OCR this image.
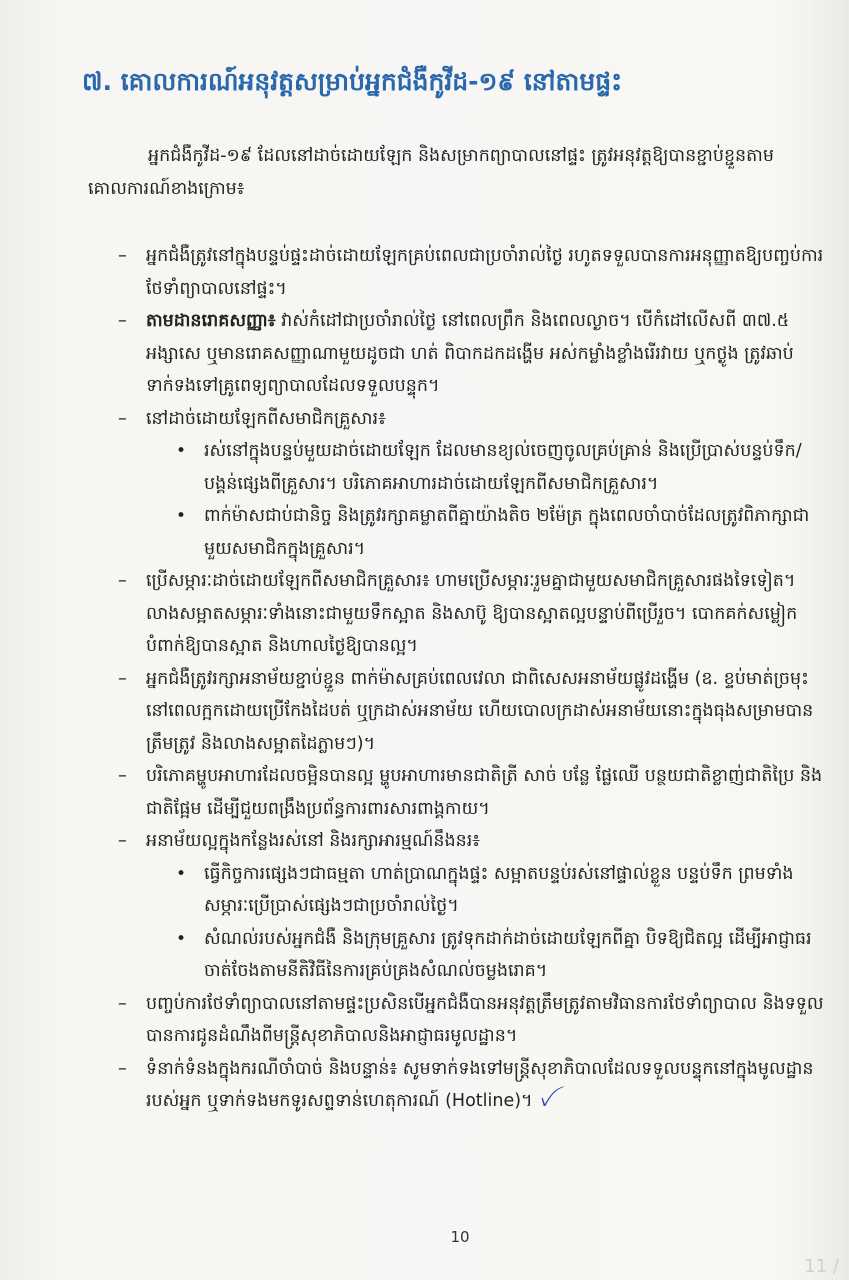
៧. គោលការណ៍អនុវត្តសម្រាប់អ្នកជំងឺកូវីដ-១៩ នៅតាមផ្ទះ
អ្នកជំងឺកូវីដ-១៩ ដែលនៅដាច់ដោយឡែក និងសម្រាកព្យាបាលនៅផ្ទះ ត្រូវអនុវត្តឱ្យបានខ្ជាប់ខ្ជួនតាមគោលការណ៍ខាងក្រោម៖
– អ្នកជំងឺត្រូវនៅក្នុងបន្ទប់ផ្ទះដាច់ដោយឡែកគ្រប់ពេលជាប្រចាំរាល់ថ្ងៃ រហូតទទួលបានការអនុញ្ញាតឱ្យបញ្ចប់ការថែទាំព្យាបាលនៅផ្ទះ។
– តាមដានរោគសញ្ញា៖ វាស់កំដៅជាប្រចាំរាល់ថ្ងៃ នៅពេលព្រឹក និងពេលល្ងាច។ បើកំដៅលើសពី ៣៧.៥ អង្សាសេ ឬមានរោគសញ្ញាណាមួយដូចជា ហត់ ពិបាកដកដង្ហើម អស់កម្លាំងខ្លាំងរើរវាយ ឬកថ្ងូង ត្រូវឆាប់ទាក់ទងទៅគ្រូពេទ្យព្យាបាលដែលទទួលបន្ទុក។
– នៅដាច់ដោយឡែកពីសមាជិកគ្រួសារ៖
• រស់នៅក្នុងបន្ទប់មួយដាច់ដោយឡែក ដែលមានខ្យល់ចេញចូលគ្រប់គ្រាន់ និងប្រើប្រាស់បន្ទប់ទឹក/បង្គន់ផ្សេងពីគ្រួសារ។ បរិភោគអាហារដាច់ដោយឡែកពីសមាជិកគ្រួសារ។
• ពាក់ម៉ាសជាប់ជានិច្ច និងត្រូវរក្សាគម្លាតពីគ្នាយ៉ាងតិច ២ម៉ែត្រ ក្នុងពេលចាំបាច់ដែលត្រូវពិភាក្សាជាមួយសមាជិកក្នុងគ្រួសារ។
– ប្រើសម្ភារៈដាច់ដោយឡែកពីសមាជិកគ្រួសារ៖ ហាមប្រើសម្ភារៈរួមគ្នាជាមួយសមាជិកគ្រួសារផងទៃទៀត។ លាងសម្អាតសម្ភារៈទាំងនោះជាមួយទឹកស្អាត និងសាប៊ូ ឱ្យបានស្អាតល្អបន្ទាប់ពីប្រើរួច។ បោកគក់សម្លៀកបំពាក់ឱ្យបានស្អាត និងហាលថ្ងៃឱ្យបានល្អ។
– អ្នកជំងឺត្រូវរក្សាអនាម័យខ្ជាប់ខ្ជួន ពាក់ម៉ាសគ្រប់ពេលវេលា ជាពិសេសអនាម័យផ្លូវដង្ហើម (ឧ. ខ្ទប់មាត់ច្រមុះនៅពេលក្អកដោយប្រើកែងដៃបត់ ឬក្រដាស់អនាម័យ ហើយបោលក្រដាស់អនាម័យនោះក្នុងធុងសម្រាមបានត្រឹមត្រូវ និងលាងសម្អាតដៃភ្លាមៗ)។
– បរិភោគម្ហូបអាហារដែលចម្អិនបានល្អ ម្ហូបអាហារមានជាតិត្រី សាច់ បន្លែ ផ្លែឈើ បន្ថយជាតិខ្លាញ់ជាតិប្រៃ និងជាតិផ្អែម ដើម្បីជួយពង្រឹងប្រព័ន្ធការពារសារពាង្គកាយ។
– អនាម័យល្អក្នុងកន្លែងរស់នៅ និងរក្សាអារម្មណ៍នឹងនរ៖
• ធ្វើកិច្ចការផ្សេងៗជាធម្មតា ហាត់ប្រាណក្នុងផ្ទះ សម្អាតបន្ទប់រស់នៅផ្ទាល់ខ្លួន បន្ទប់ទឹក ព្រមទាំងសម្ភារៈប្រើប្រាស់ផ្សេងៗជាប្រចាំរាល់ថ្ងៃ។
• សំណល់របស់អ្នកជំងឺ និងក្រុមគ្រួសារ ត្រូវទុកដាក់ដាច់ដោយឡែកពីគ្នា បិទឱ្យជិតល្អ ដើម្បីអាជ្ញាធរចាត់ចែងតាមនីតិវិធីនៃការគ្រប់គ្រងសំណល់ចម្លងរោគ។
– បញ្ចប់ការថែទាំព្យាបាលនៅតាមផ្ទះប្រសិនបើអ្នកជំងឺបានអនុវត្តត្រឹមត្រូវតាមវិធានការថែទាំព្យាបាល និងទទួលបានការជូនដំណឹងពីមន្ត្រីសុខាភិបាលនិងអាជ្ញាធរមូលដ្ឋាន។
– ទំនាក់ទំនងក្នុងករណីចាំបាច់ និងបន្ទាន់៖ សូមទាក់ទងទៅមន្ត្រីសុខាភិបាលដែលទទួលបន្ទុកនៅក្នុងមូលដ្ឋានរបស់អ្នក ឬទាក់ទងមកទូរសព្ទទាន់ហេតុការណ៍ (Hotline)។ ꪜ
10
11 /
